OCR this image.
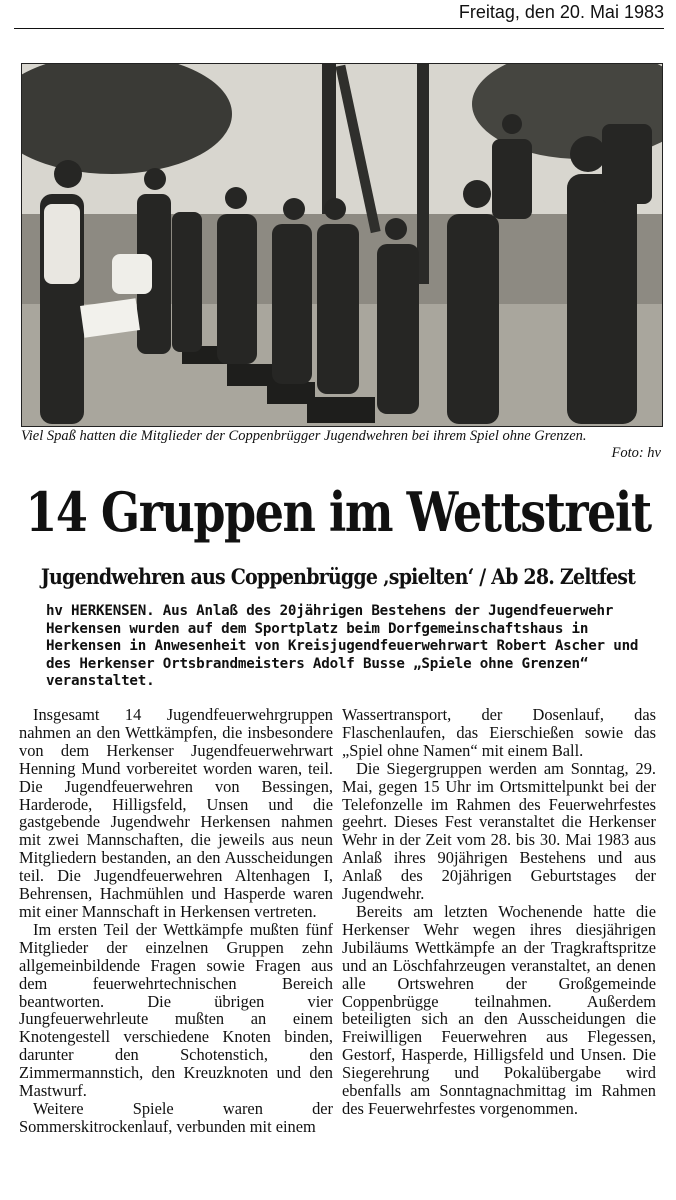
Freitag, den 20. Mai 1983
Viel Spaß hatten die Mitglieder der Coppenbrügger Jugendwehren bei ihrem Spiel ohne Grenzen.
Foto: hv
14 Gruppen im Wettstreit
Jugendwehren aus Coppenbrügge ‚spielten‘ / Ab 28. Zeltfest
hv HERKENSEN. Aus Anlaß des 20jährigen Bestehens der Jugendfeuerwehr Herkensen wurden auf dem Sportplatz beim Dorfgemeinschaftshaus in Herkensen in Anwesenheit von Kreisjugendfeuerwehrwart Robert Ascher und des Herkenser Ortsbrandmeisters Adolf Busse „Spiele ohne Grenzen“ veranstaltet.

Insgesamt 14 Jugendfeuerwehrgruppen nahmen an den Wettkämpfen, die insbesondere von dem Herkenser Jugendfeuerwehrwart Henning Mund vorbereitet worden waren, teil. Die Jugendfeuerwehren von Bessingen, Harderode, Hilligsfeld, Unsen und die gastgebende Jugendwehr Herkensen nahmen mit zwei Mannschaften, die jeweils aus neun Mitgliedern bestanden, an den Ausscheidungen teil. Die Jugendfeuerwehren Altenhagen I, Behrensen, Hachmühlen und Hasperde waren mit einer Mannschaft in Herkensen vertreten.

Im ersten Teil der Wettkämpfe mußten fünf Mitglieder der einzelnen Gruppen zehn allgemeinbildende Fragen sowie Fragen aus dem feuerwehrtechnischen Bereich beantworten. Die übrigen vier Jungfeuerwehrleute mußten an einem Knotengestell verschiedene Knoten binden, darunter den Schotenstich, den Zimmermannstich, den Kreuzknoten und den Mastwurf.

Weitere Spiele waren der Sommerskitrockenlauf, verbunden mit einem

Wassertransport, der Dosenlauf, das Flaschenlaufen, das Eierschießen sowie das „Spiel ohne Namen“ mit einem Ball.

Die Siegergruppen werden am Sonntag, 29. Mai, gegen 15 Uhr im Ortsmittelpunkt bei der Telefonzelle im Rahmen des Feuerwehrfestes geehrt. Dieses Fest veranstaltet die Herkenser Wehr in der Zeit vom 28. bis 30. Mai 1983 aus Anlaß ihres 90jährigen Bestehens und aus Anlaß des 20jährigen Geburtstages der Jugendwehr.

Bereits am letzten Wochenende hatte die Herkenser Wehr wegen ihres diesjährigen Jubiläums Wettkämpfe an der Tragkraftspritze und an Löschfahrzeugen veranstaltet, an denen alle Ortswehren der Großgemeinde Coppenbrügge teilnahmen. Außerdem beteiligten sich an den Ausscheidungen die Freiwilligen Feuerwehren aus Flegessen, Gestorf, Hasperde, Hilligsfeld und Unsen. Die Siegerehrung und Pokalübergabe wird ebenfalls am Sonntagnachmittag im Rahmen des Feuerwehrfestes vorgenommen.
